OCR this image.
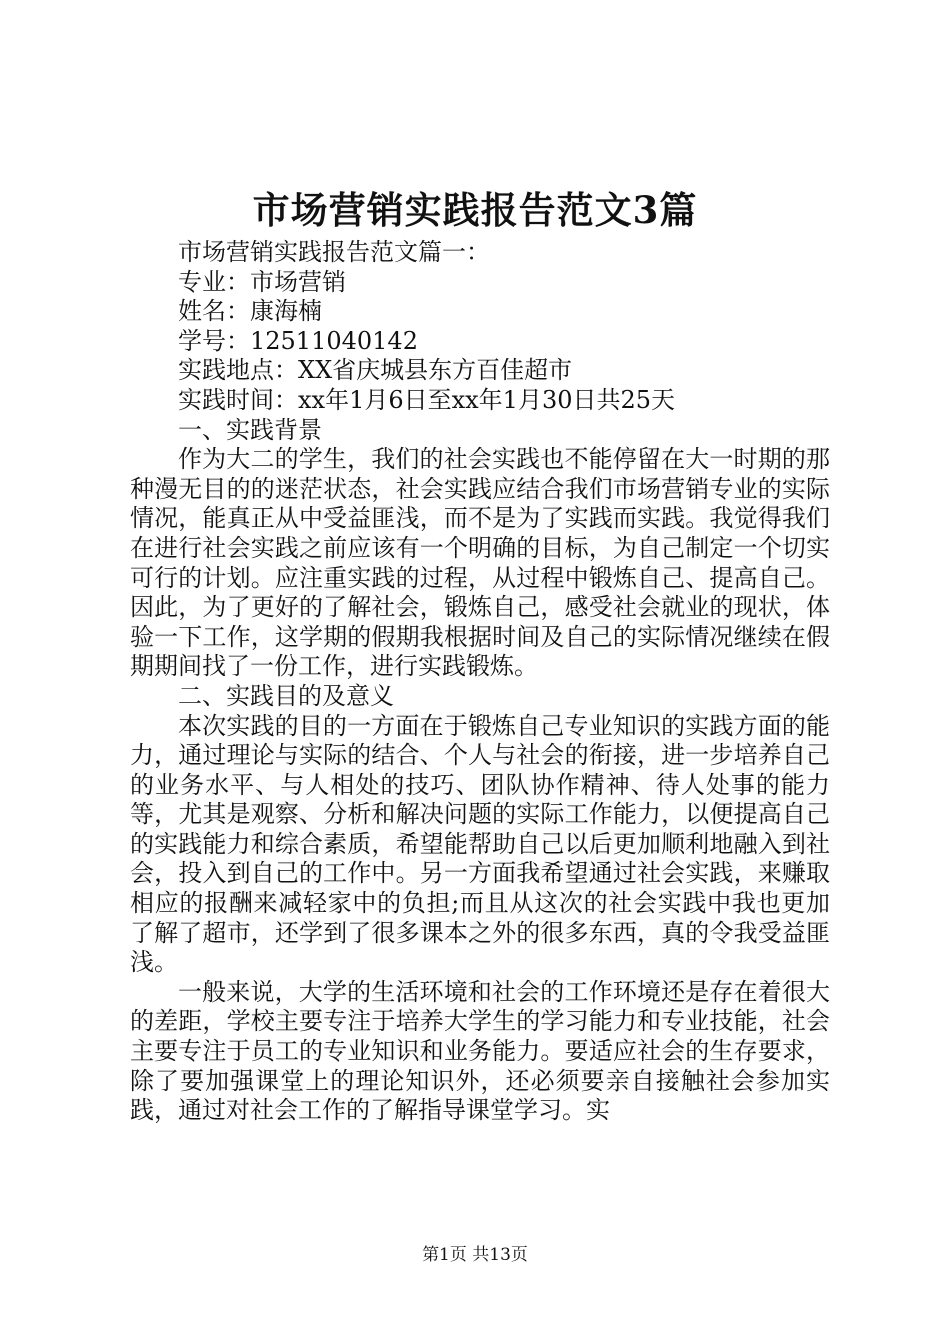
市场营销实践报告范文3篇

市场营销实践报告范文篇一：

专业：市场营销

姓名：康海楠

学号：12511040142

实践地点：XX省庆城县东方百佳超市

实践时间：xx年1月6日至xx年1月30日共25天

一、实践背景

作为大二的学生，我们的社会实践也不能停留在大一时期的那种漫无目的的迷茫状态，社会实践应结合我们市场营销专业的实际情况，能真正从中受益匪浅，而不是为了实践而实践。我觉得我们在进行社会实践之前应该有一个明确的目标，为自己制定一个切实可行的计划。应注重实践的过程，从过程中锻炼自己、提高自己。因此，为了更好的了解社会，锻炼自己，感受社会就业的现状，体验一下工作，这学期的假期我根据时间及自己的实际情况继续在假期期间找了一份工作，进行实践锻炼。

二、实践目的及意义

本次实践的目的一方面在于锻炼自己专业知识的实践方面的能力，通过理论与实际的结合、个人与社会的衔接，进一步培养自己的业务水平、与人相处的技巧、团队协作精神、待人处事的能力等，尤其是观察、分析和解决问题的实际工作能力，以便提高自己的实践能力和综合素质，希望能帮助自己以后更加顺利地融入到社会，投入到自己的工作中。另一方面我希望通过社会实践，来赚取相应的报酬来减轻家中的负担;而且从这次的社会实践中我也更加了解了超市，还学到了很多课本之外的很多东西，真的令我受益匪浅。

一般来说，大学的生活环境和社会的工作环境还是存在着很大的差距，学校主要专注于培养大学生的学习能力和专业技能，社会主要专注于员工的专业知识和业务能力。要适应社会的生存要求，除了要加强课堂上的理论知识外，还必须要亲自接触社会参加实践，通过对社会工作的了解指导课堂学习。实

第1页 共13页
